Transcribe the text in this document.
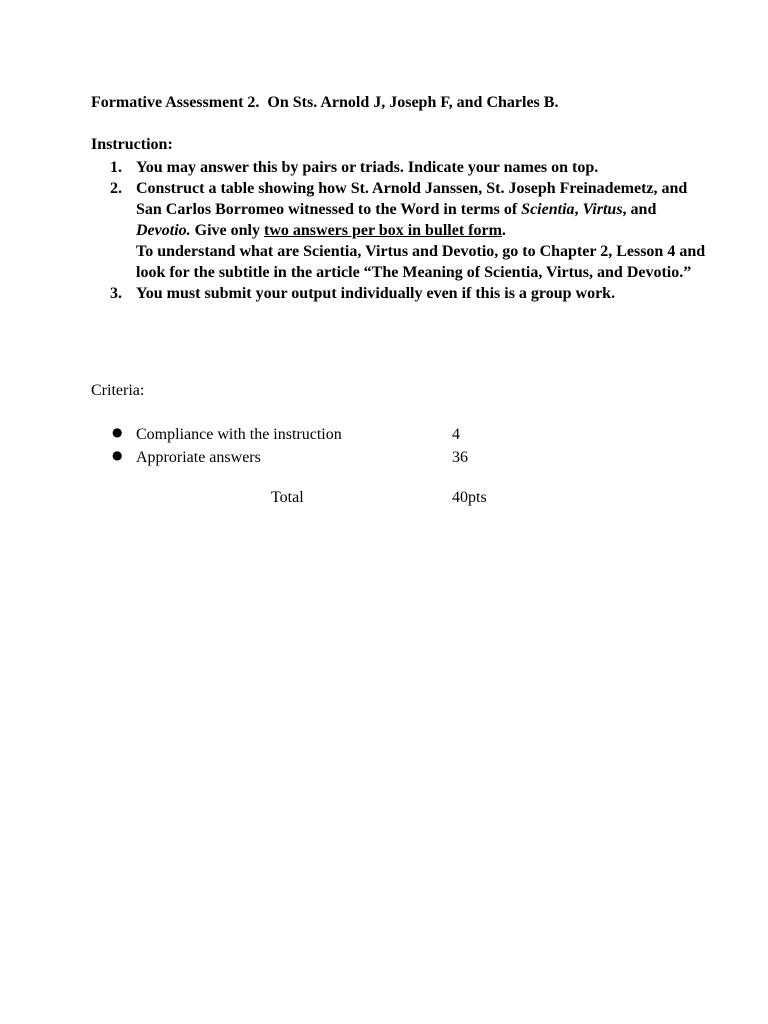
Formative Assessment 2.  On Sts. Arnold J, Joseph F, and Charles B.
Instruction:
1. You may answer this by pairs or triads. Indicate your names on top.
2. Construct a table showing how St. Arnold Janssen, St. Joseph Freinademetz, and San Carlos Borromeo witnessed to the Word in terms of Scientia, Virtus, and Devotio. Give only two answers per box in bullet form.
To understand what are Scientia, Virtus and Devotio, go to Chapter 2, Lesson 4 and look for the subtitle in the article “The Meaning of Scientia, Virtus, and Devotio.”
3. You must submit your output individually even if this is a group work.
Criteria:
● Compliance with the instruction	4
● Approriate answers	36
Total	40pts
